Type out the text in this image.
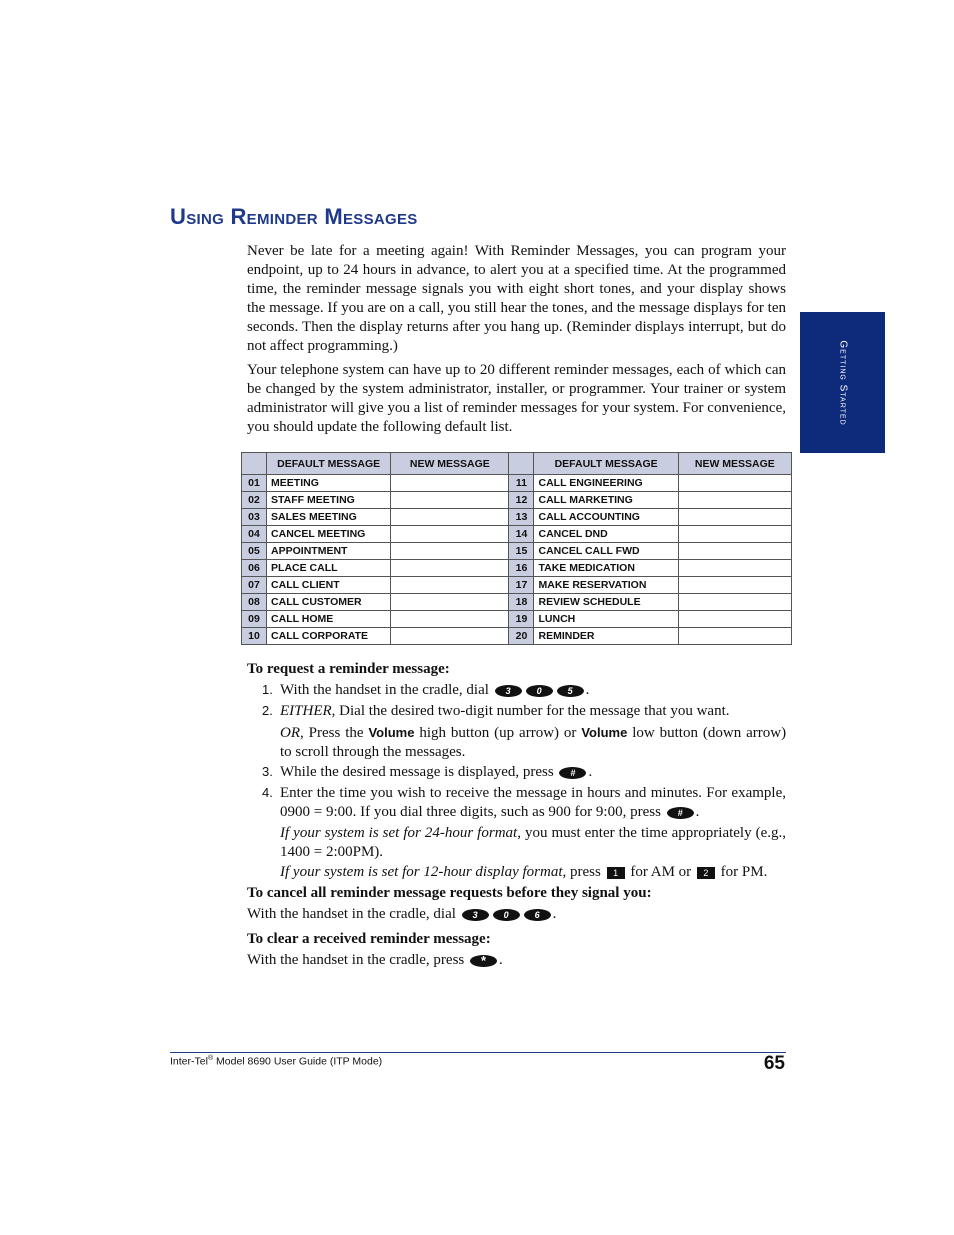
Using Reminder Messages
Getting Started

Never be late for a meeting again! With Reminder Messages, you can program your endpoint, up to 24 hours in advance, to alert you at a specified time. At the programmed time, the reminder message signals you with eight short tones, and your display shows the message. If you are on a call, you still hear the tones, and the message displays for ten seconds. Then the display returns after you hang up. (Reminder displays interrupt, but do not affect programming.)

Your telephone system can have up to 20 different reminder messages, each of which can be changed by the system administrator, installer, or programmer. Your trainer or system administrator will give you a list of reminder messages for your system. For convenience, you should update the following default list.

	DEFAULT MESSAGE	NEW MESSAGE		DEFAULT MESSAGE	NEW MESSAGE
01	MEETING		11	CALL ENGINEERING	
02	STAFF MEETING		12	CALL MARKETING	
03	SALES MEETING		13	CALL ACCOUNTING	
04	CANCEL MEETING		14	CANCEL DND	
05	APPOINTMENT		15	CANCEL CALL FWD	
06	PLACE CALL		16	TAKE MEDICATION	
07	CALL CLIENT		17	MAKE RESERVATION	
08	CALL CUSTOMER		18	REVIEW SCHEDULE	
09	CALL HOME		19	LUNCH	
10	CALL CORPORATE		20	REMINDER	
To request a reminder message:
1. With the handset in the cradle, dial 3	0	5 .
2. EITHER, Dial the desired two-digit number for the message that you want.
OR, Press the Volume high button (up arrow) or Volume low button (down arrow) to scroll through the messages.
3. While the desired message is displayed, press # .
4. Enter the time you wish to receive the message in hours and minutes. For example, 0900 = 9:00. If you dial three digits, such as 900 for 9:00, press # .
If your system is set for 24-hour format, you must enter the time appropriately (e.g., 1400 = 2:00PM).
If your system is set for 12-hour display format, press 1 for AM or 2 for PM.
To cancel all reminder message requests before they signal you:
With the handset in the cradle, dial 3	0	6 .
To clear a received reminder message:
With the handset in the cradle, press * .
Inter-Tel® Model 8690 User Guide (ITP Mode)	65
